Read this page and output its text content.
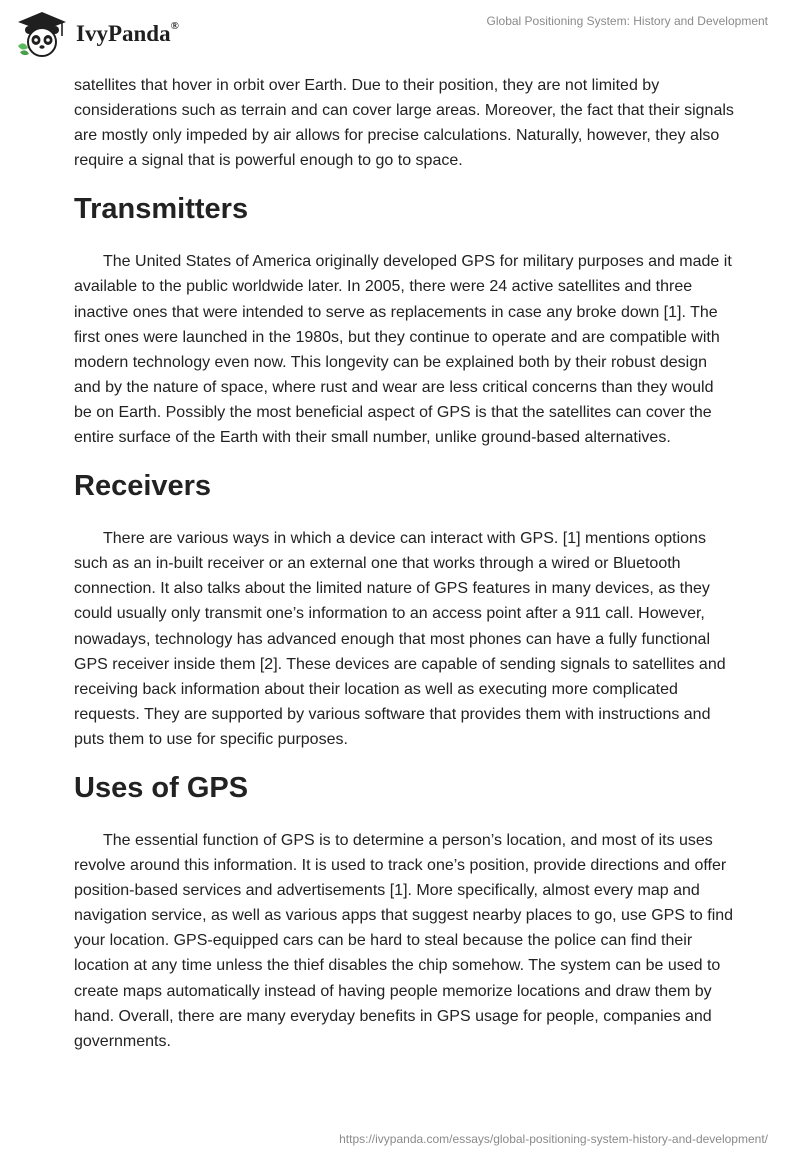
IvyPanda®	Global Positioning System: History and Development

satellites that hover in orbit over Earth. Due to their position, they are not limited by considerations such as terrain and can cover large areas. Moreover, the fact that their signals are mostly only impeded by air allows for precise calculations. Naturally, however, they also require a signal that is powerful enough to go to space.

Transmitters

The United States of America originally developed GPS for military purposes and made it available to the public worldwide later. In 2005, there were 24 active satellites and three inactive ones that were intended to serve as replacements in case any broke down [1]. The first ones were launched in the 1980s, but they continue to operate and are compatible with modern technology even now. This longevity can be explained both by their robust design and by the nature of space, where rust and wear are less critical concerns than they would be on Earth. Possibly the most beneficial aspect of GPS is that the satellites can cover the entire surface of the Earth with their small number, unlike ground-based alternatives.

Receivers

There are various ways in which a device can interact with GPS. [1] mentions options such as an in-built receiver or an external one that works through a wired or Bluetooth connection. It also talks about the limited nature of GPS features in many devices, as they could usually only transmit one’s information to an access point after a 911 call. However, nowadays, technology has advanced enough that most phones can have a fully functional GPS receiver inside them [2]. These devices are capable of sending signals to satellites and receiving back information about their location as well as executing more complicated requests. They are supported by various software that provides them with instructions and puts them to use for specific purposes.

Uses of GPS

The essential function of GPS is to determine a person’s location, and most of its uses revolve around this information. It is used to track one’s position, provide directions and offer position-based services and advertisements [1]. More specifically, almost every map and navigation service, as well as various apps that suggest nearby places to go, use GPS to find your location. GPS-equipped cars can be hard to steal because the police can find their location at any time unless the thief disables the chip somehow. The system can be used to create maps automatically instead of having people memorize locations and draw them by hand. Overall, there are many everyday benefits in GPS usage for people, companies and governments.

https://ivypanda.com/essays/global-positioning-system-history-and-development/
